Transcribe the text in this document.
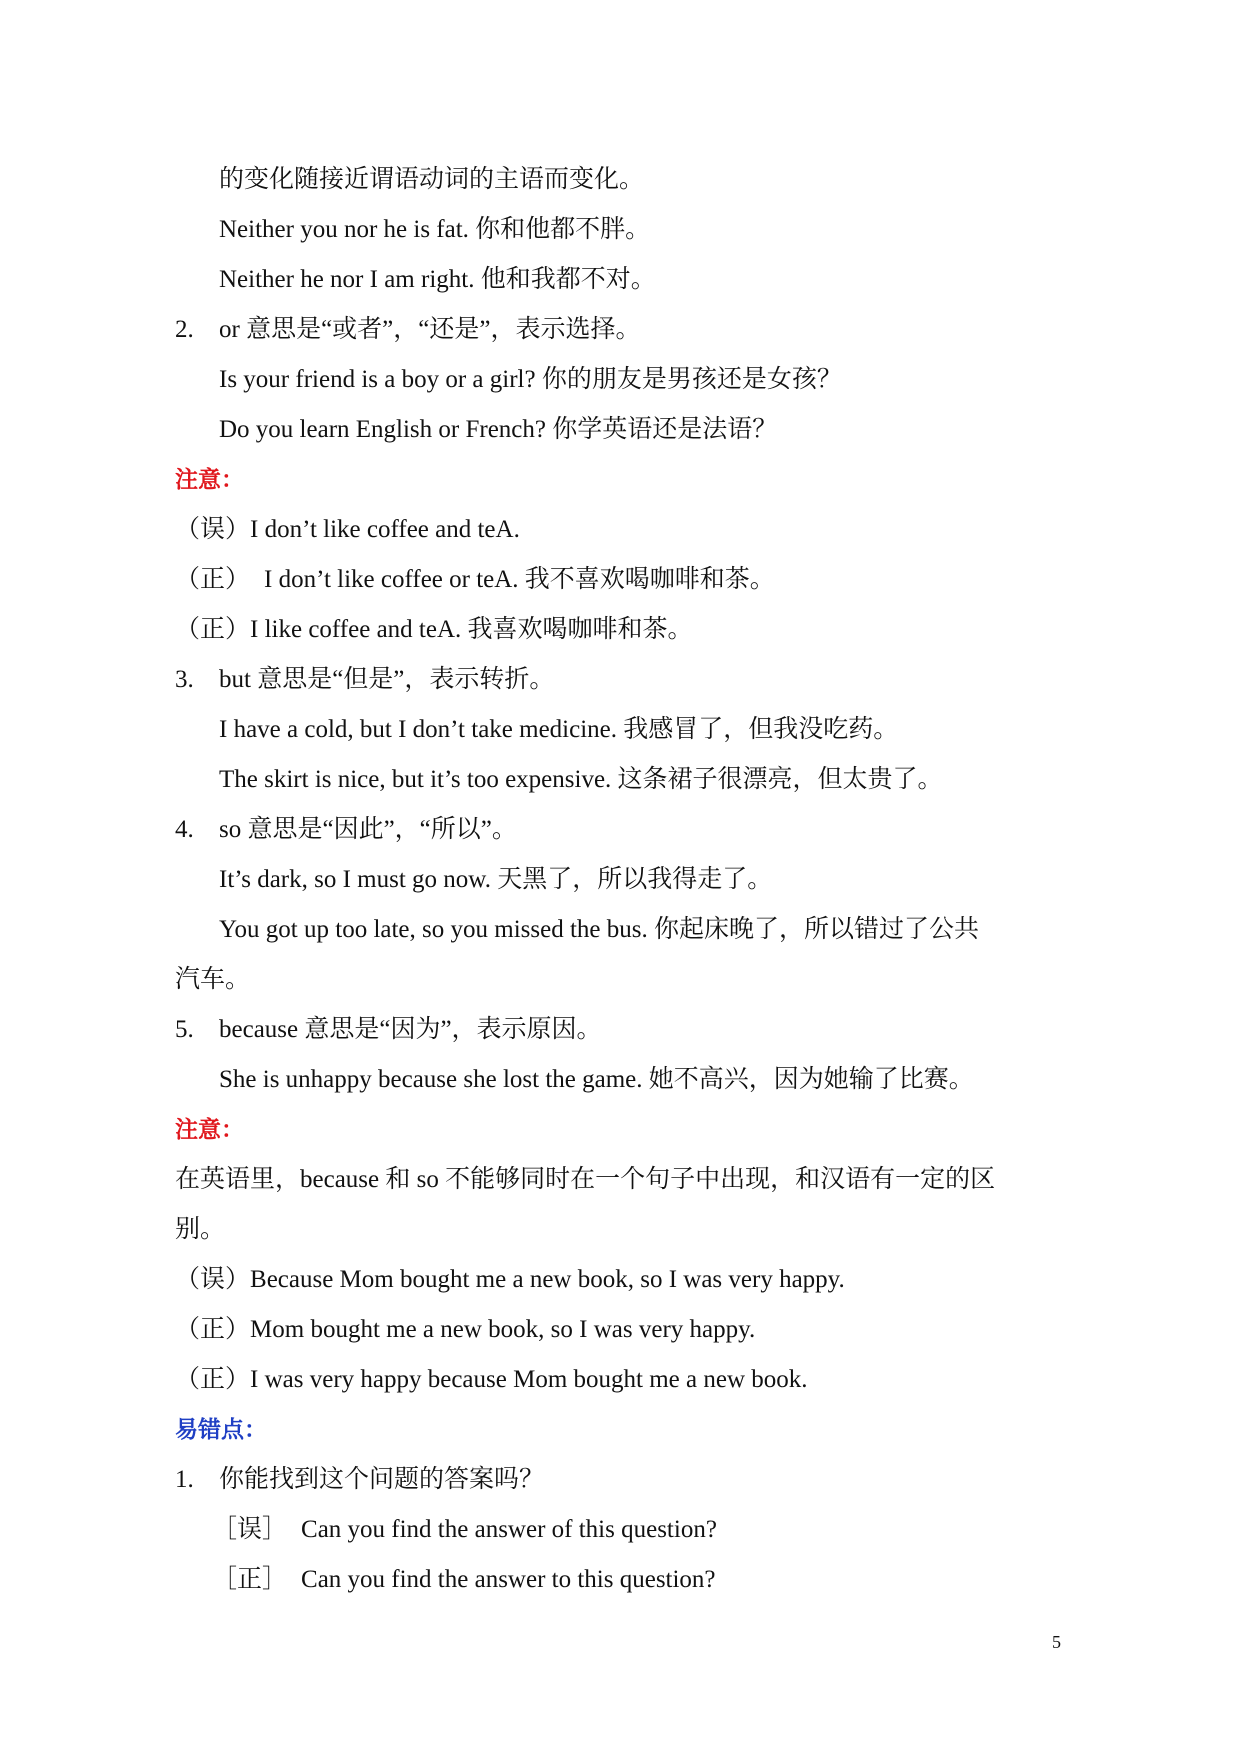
的变化随接近谓语动词的主语而变化。
Neither you nor he is fat. 你和他都不胖。
Neither he nor I am right. 他和我都不对。
2. or 意思是“或者”，“还是”，表示选择。
Is your friend is a boy or a girl? 你的朋友是男孩还是女孩？
Do you learn English or French? 你学英语还是法语？
注意：
（误）I don’t like coffee and teA.
（正） I don’t like coffee or teA. 我不喜欢喝咖啡和茶。
（正）I like coffee and teA. 我喜欢喝咖啡和茶。
3. but 意思是“但是”，表示转折。
I have a cold, but I don’t take medicine. 我感冒了，但我没吃药。
The skirt is nice, but it’s too expensive. 这条裙子很漂亮，但太贵了。
4. so 意思是“因此”，“所以”。
It’s dark, so I must go now. 天黑了，所以我得走了。
You got up too late, so you missed the bus. 你起床晚了，所以错过了公共
汽车。
5. because 意思是“因为”，表示原因。
She is unhappy because she lost the game. 她不高兴，因为她输了比赛。
注意：
在英语里，because 和 so 不能够同时在一个句子中出现，和汉语有一定的区
别。
（误）Because Mom bought me a new book, so I was very happy.
（正）Mom bought me a new book, so I was very happy.
（正）I was very happy because Mom bought me a new book.
易错点：
1. 你能找到这个问题的答案吗？
［误］ Can you find the answer of this question?
［正］ Can you find the answer to this question?
5
